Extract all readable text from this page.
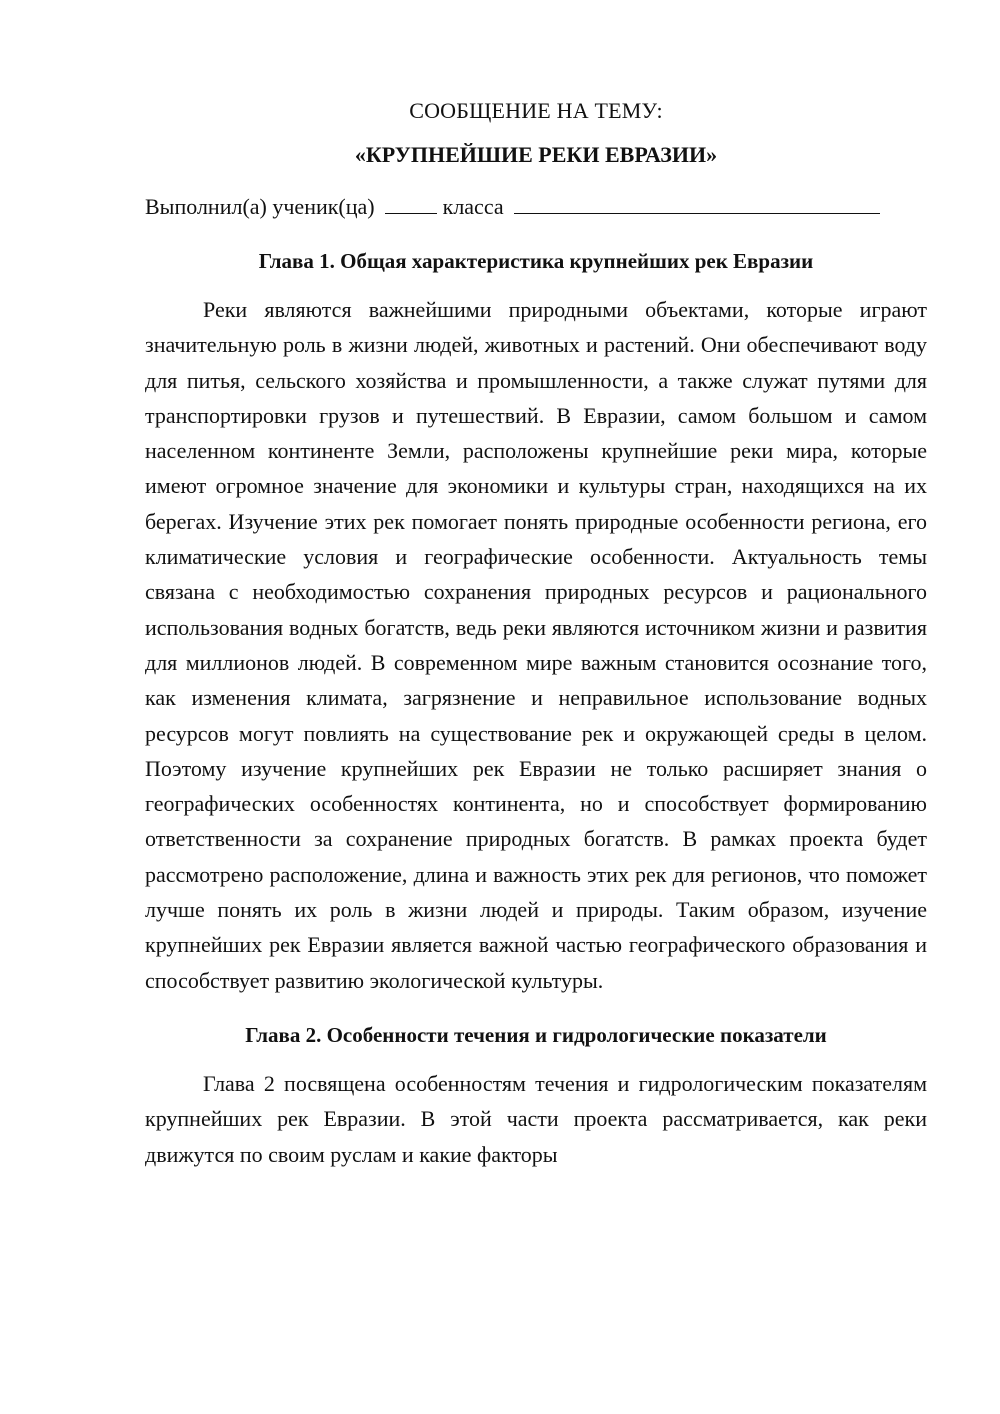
СООБЩЕНИЕ НА ТЕМУ:
«КРУПНЕЙШИЕ РЕКИ ЕВРАЗИИ»
Выполнил(а) ученик(ца)	класса
Глава 1. Общая характеристика крупнейших рек Евразии

Реки являются важнейшими природными объектами, которые играют значительную роль в жизни людей, животных и растений. Они обеспечивают воду для питья, сельского хозяйства и промышленности, а также служат путями для транспортировки грузов и путешествий. В Евразии, самом большом и самом населенном континенте Земли, расположены крупнейшие реки мира, которые имеют огромное значение для экономики и культуры стран, находящихся на их берегах. Изучение этих рек помогает понять природные особенности региона, его климатические условия и географические особенности. Актуальность темы связана с необходимостью сохранения природных ресурсов и рационального использования водных богатств, ведь реки являются источником жизни и развития для миллионов людей. В современном мире важным становится осознание того, как изменения климата, загрязнение и неправильное использование водных ресурсов могут повлиять на существование рек и окружающей среды в целом. Поэтому изучение крупнейших рек Евразии не только расширяет знания о географических особенностях континента, но и способствует формированию ответственности за сохранение природных богатств. В рамках проекта будет рассмотрено расположение, длина и важность этих рек для регионов, что поможет лучше понять их роль в жизни людей и природы. Таким образом, изучение крупнейших рек Евразии является важной частью географического образования и способствует развитию экологической культуры.

Глава 2. Особенности течения и гидрологические показатели

Глава 2 посвящена особенностям течения и гидрологическим показателям крупнейших рек Евразии. В этой части проекта рассматривается, как реки движутся по своим руслам и какие факторы
